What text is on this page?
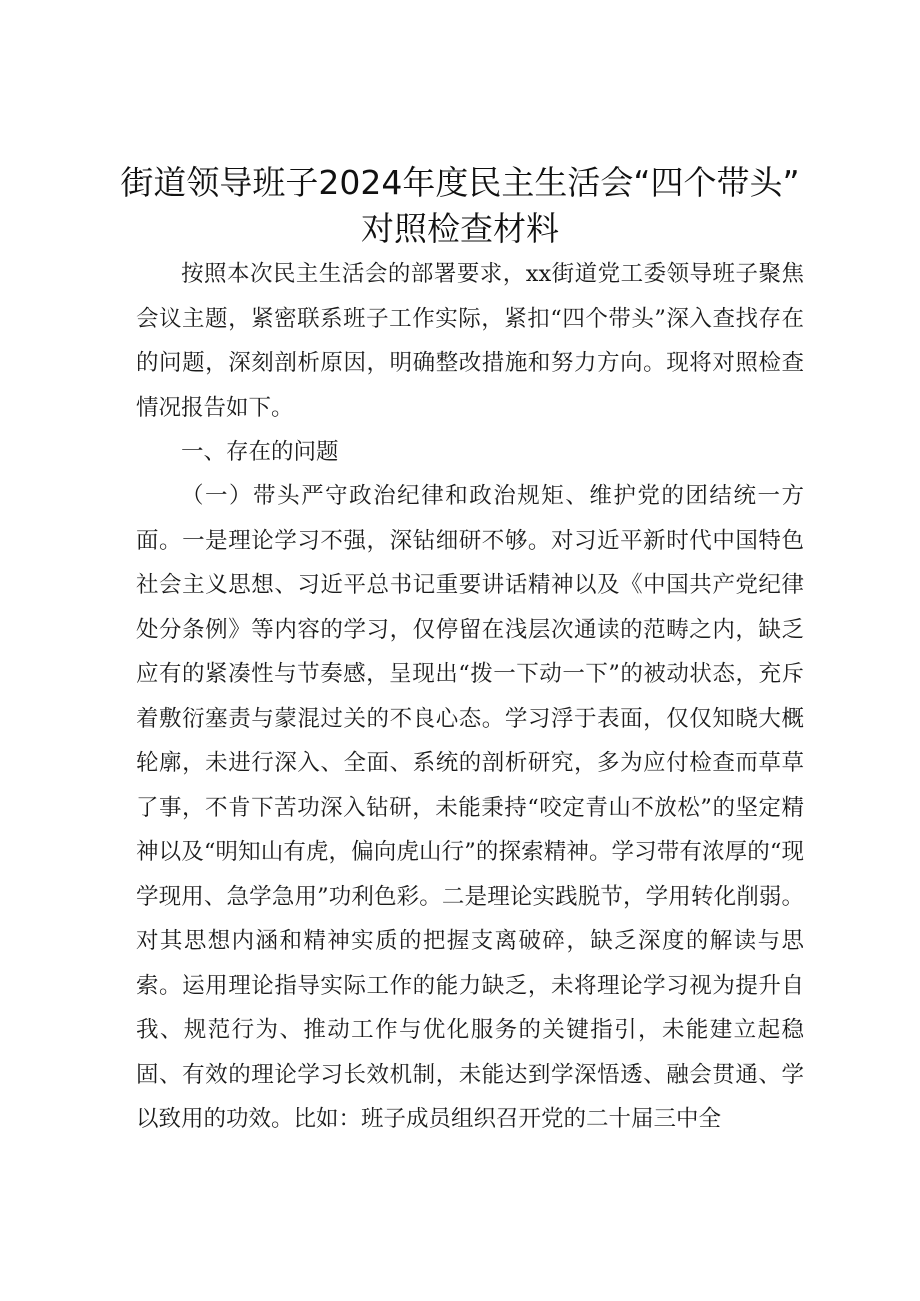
街道领导班子2024年度民主生活会“四个带头”
对照检查材料

按照本次民主生活会的部署要求，xx街道党工委领导班子聚焦会议主题，紧密联系班子工作实际，紧扣“四个带头”深入查找存在的问题，深刻剖析原因，明确整改措施和努力方向。现将对照检查情况报告如下。

一、存在的问题

（一）带头严守政治纪律和政治规矩、维护党的团结统一方面。一是理论学习不强，深钻细研不够。对习近平新时代中国特色社会主义思想、习近平总书记重要讲话精神以及《中国共产党纪律处分条例》等内容的学习，仅停留在浅层次通读的范畴之内，缺乏应有的紧凑性与节奏感，呈现出“拨一下动一下”的被动状态，充斥着敷衍塞责与蒙混过关的不良心态。学习浮于表面，仅仅知晓大概轮廓，未进行深入、全面、系统的剖析研究，多为应付检查而草草了事，不肯下苦功深入钻研，未能秉持“咬定青山不放松”的坚定精神以及“明知山有虎，偏向虎山行”的探索精神。学习带有浓厚的“现学现用、急学急用”功利色彩。二是理论实践脱节，学用转化削弱。对其思想内涵和精神实质的把握支离破碎，缺乏深度的解读与思索。运用理论指导实际工作的能力缺乏，未将理论学习视为提升自我、规范行为、推动工作与优化服务的关键指引，未能建立起稳固、有效的理论学习长效机制，未能达到学深悟透、融会贯通、学以致用的功效。比如：班子成员组织召开党的二十届三中全
